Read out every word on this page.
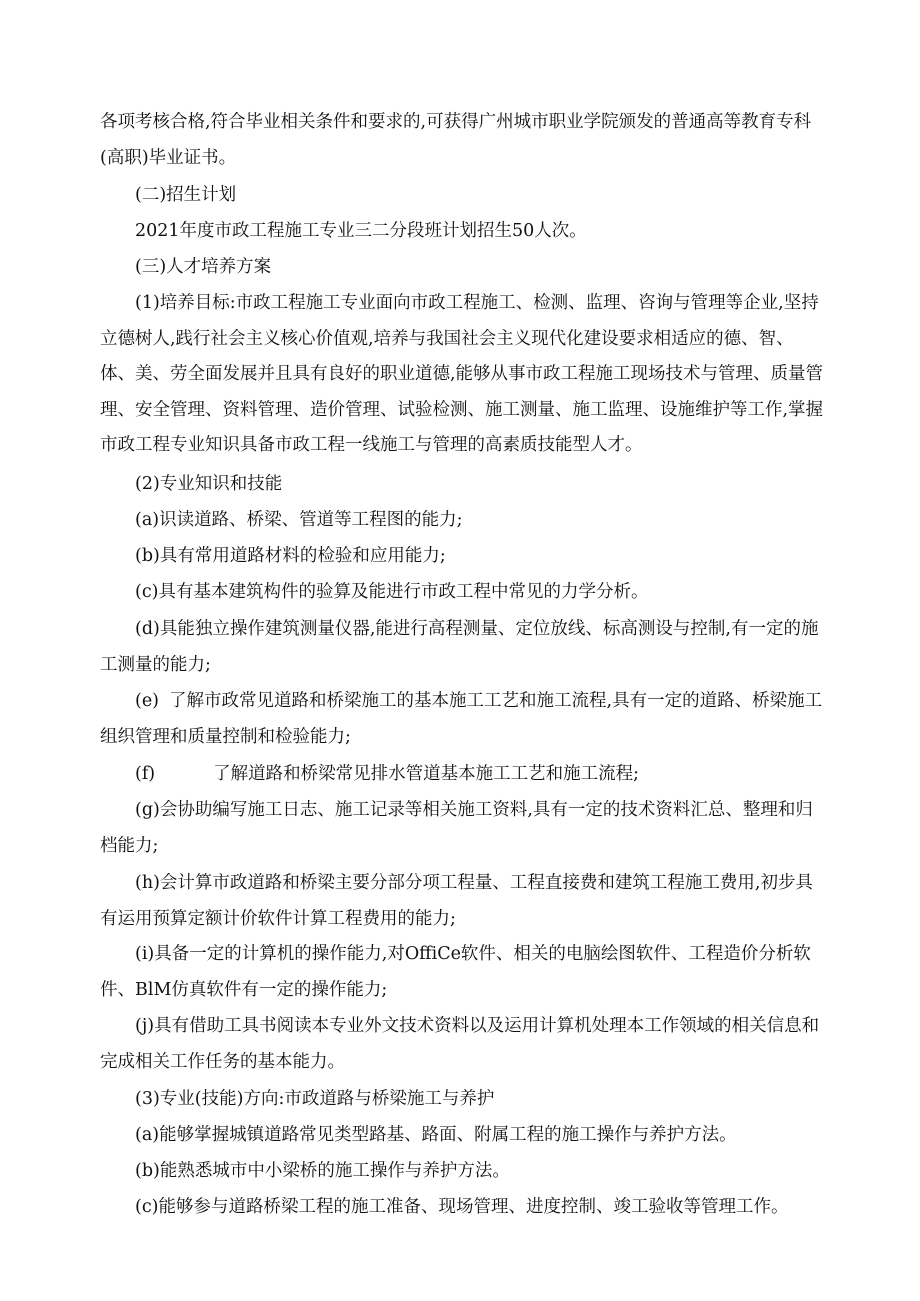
各项考核合格,符合毕业相关条件和要求的,可获得广州城市职业学院颁发的普通高等教育专科(高职)毕业证书。
(二)招生计划
2021年度市政工程施工专业三二分段班计划招生50人次。
(三)人才培养方案
(1)培养目标:市政工程施工专业面向市政工程施工、检测、监理、咨询与管理等企业,坚持立德树人,践行社会主义核心价值观,培养与我国社会主义现代化建设要求相适应的德、智、体、美、劳全面发展并且具有良好的职业道德,能够从事市政工程施工现场技术与管理、质量管理、安全管理、资料管理、造价管理、试验检测、施工测量、施工监理、设施维护等工作,掌握市政工程专业知识具备市政工程一线施工与管理的高素质技能型人才。
(2)专业知识和技能
(a)识读道路、桥梁、管道等工程图的能力;
(b)具有常用道路材料的检验和应用能力;
(c)具有基本建筑构件的验算及能进行市政工程中常见的力学分析。
(d)具能独立操作建筑测量仪器,能进行高程测量、定位放线、标高测设与控制,有一定的施工测量的能力;
(e) 了解市政常见道路和桥梁施工的基本施工工艺和施工流程,具有一定的道路、桥梁施工组织管理和质量控制和检验能力;
(f)	了解道路和桥梁常见排水管道基本施工工艺和施工流程;
(g)会协助编写施工日志、施工记录等相关施工资料,具有一定的技术资料汇总、整理和归档能力;
(h)会计算市政道路和桥梁主要分部分项工程量、工程直接费和建筑工程施工费用,初步具有运用预算定额计价软件计算工程费用的能力;
(i)具备一定的计算机的操作能力,对OffiCe软件、相关的电脑绘图软件、工程造价分析软件、BlM仿真软件有一定的操作能力;
(j)具有借助工具书阅读本专业外文技术资料以及运用计算机处理本工作领域的相关信息和完成相关工作任务的基本能力。
(3)专业(技能)方向:市政道路与桥梁施工与养护
(a)能够掌握城镇道路常见类型路基、路面、附属工程的施工操作与养护方法。
(b)能熟悉城市中小梁桥的施工操作与养护方法。
(c)能够参与道路桥梁工程的施工准备、现场管理、进度控制、竣工验收等管理工作。
